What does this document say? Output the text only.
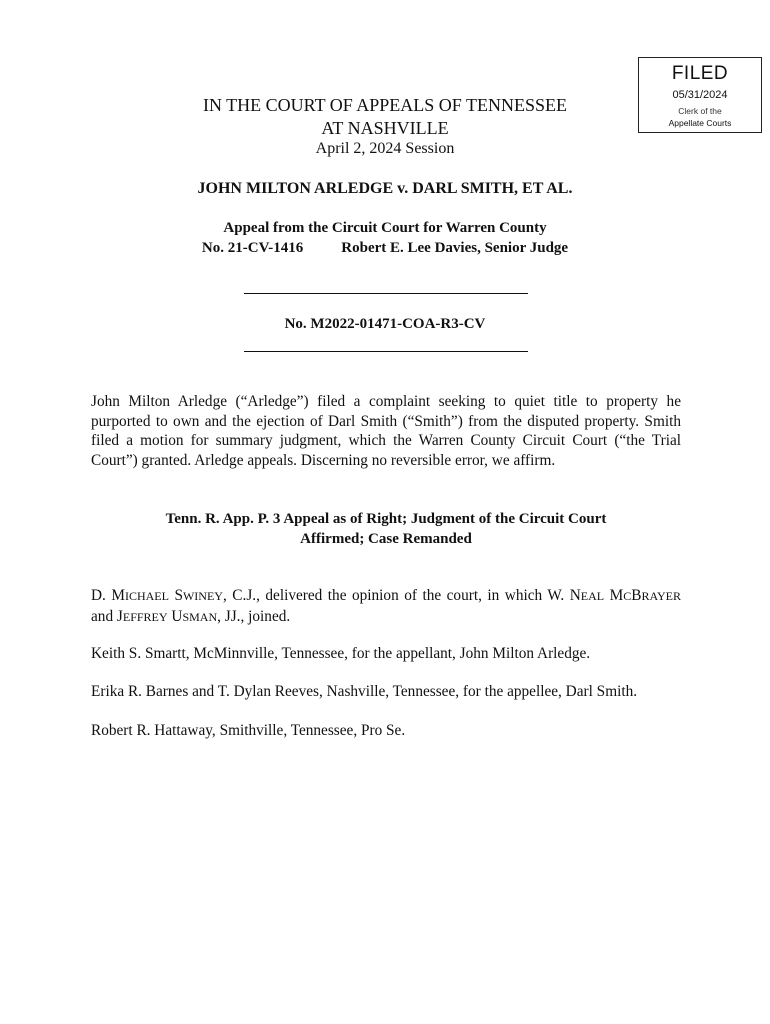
FILED
05/31/2024
Clerk of the
Appellate Courts
IN THE COURT OF APPEALS OF TENNESSEE
AT NASHVILLE
April 2, 2024 Session
JOHN MILTON ARLEDGE v. DARL SMITH, ET AL.
Appeal from the Circuit Court for Warren County
No. 21-CV-1416	Robert E. Lee Davies, Senior Judge
No. M2022-01471-COA-R3-CV
John Milton Arledge (“Arledge”) filed a complaint seeking to quiet title to property he purported to own and the ejection of Darl Smith (“Smith”) from the disputed property. Smith filed a motion for summary judgment, which the Warren County Circuit Court (“the Trial Court”) granted. Arledge appeals. Discerning no reversible error, we affirm.
Tenn. R. App. P. 3 Appeal as of Right; Judgment of the Circuit Court
Affirmed; Case Remanded
D. MICHAEL SWINEY, C.J., delivered the opinion of the court, in which W. NEAL MCBRAYER and JEFFREY USMAN, JJ., joined.
Keith S. Smartt, McMinnville, Tennessee, for the appellant, John Milton Arledge.
Erika R. Barnes and T. Dylan Reeves, Nashville, Tennessee, for the appellee, Darl Smith.
Robert R. Hattaway, Smithville, Tennessee, Pro Se.
